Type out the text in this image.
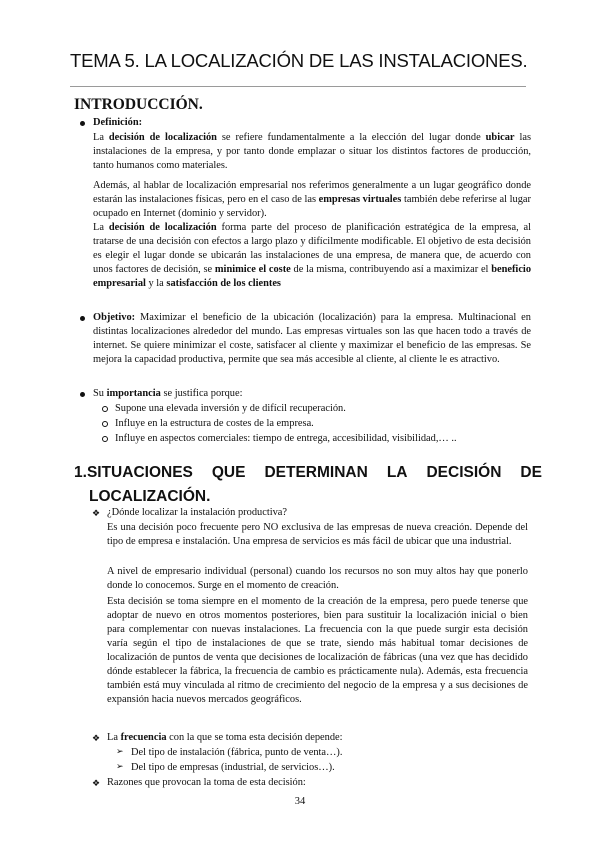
TEMA 5. LA LOCALIZACIÓN DE LAS INSTALACIONES.
INTRODUCCIÓN.
Definición:
La decisión de localización se refiere fundamentalmente a la elección del lugar donde ubicar las instalaciones de la empresa, y por tanto donde emplazar o situar los distintos factores de producción, tanto humanos como materiales.
Además, al hablar de localización empresarial nos referimos generalmente a un lugar geográfico donde estarán las instalaciones físicas, pero en el caso de las empresas virtuales también debe referirse al lugar ocupado en Internet (dominio y servidor).
La decisión de localización forma parte del proceso de planificación estratégica de la empresa, al tratarse de una decisión con efectos a largo plazo y difícilmente modificable. El objetivo de esta decisión es elegir el lugar donde se ubicarán las instalaciones de una empresa, de manera que, de acuerdo con unos factores de decisión, se minimice el coste de la misma, contribuyendo así a maximizar el beneficio empresarial y la satisfacción de los clientes
Objetivo: Maximizar el beneficio de la ubicación (localización) para la empresa. Multinacional en distintas localizaciones alrededor del mundo. Las empresas virtuales son las que hacen todo a través de internet. Se quiere minimizar el coste, satisfacer al cliente y maximizar el beneficio de las empresas. Se mejora la capacidad productiva, permite que sea más accesible al cliente, al cliente le es atractivo.
Su importancia se justifica porque:
Supone una elevada inversión y de difícil recuperación.
Influye en la estructura de costes de la empresa.
Influye en aspectos comerciales: tiempo de entrega, accesibilidad, visibilidad,… ..
1.SITUACIONES QUE DETERMINAN LA DECISIÓN DE
LOCALIZACIÓN.
❖ ¿Dónde localizar la instalación productiva?
Es una decisión poco frecuente pero NO exclusiva de las empresas de nueva creación. Depende del tipo de empresa e instalación. Una empresa de servicios es más fácil de ubicar que una industrial.
A nivel de empresario individual (personal) cuando los recursos no son muy altos hay que ponerlo donde lo conocemos. Surge en el momento de creación.
Esta decisión se toma siempre en el momento de la creación de la empresa, pero puede tenerse que adoptar de nuevo en otros momentos posteriores, bien para sustituir la localización inicial o bien para complementar con nuevas instalaciones. La frecuencia con la que puede surgir esta decisión varía según el tipo de instalaciones de que se trate, siendo más habitual tomar decisiones de localización de puntos de venta que decisiones de localización de fábricas (una vez que has decidido dónde establecer la fábrica, la frecuencia de cambio es prácticamente nula). Además, esta frecuencia también está muy vinculada al ritmo de crecimiento del negocio de la empresa y a sus decisiones de expansión hacia nuevos mercados geográficos.
❖ La frecuencia con la que se toma esta decisión depende:
➢ Del tipo de instalación (fábrica, punto de venta…).
➢ Del tipo de empresas (industrial, de servicios…).
❖ Razones que provocan la toma de esta decisión:
34
